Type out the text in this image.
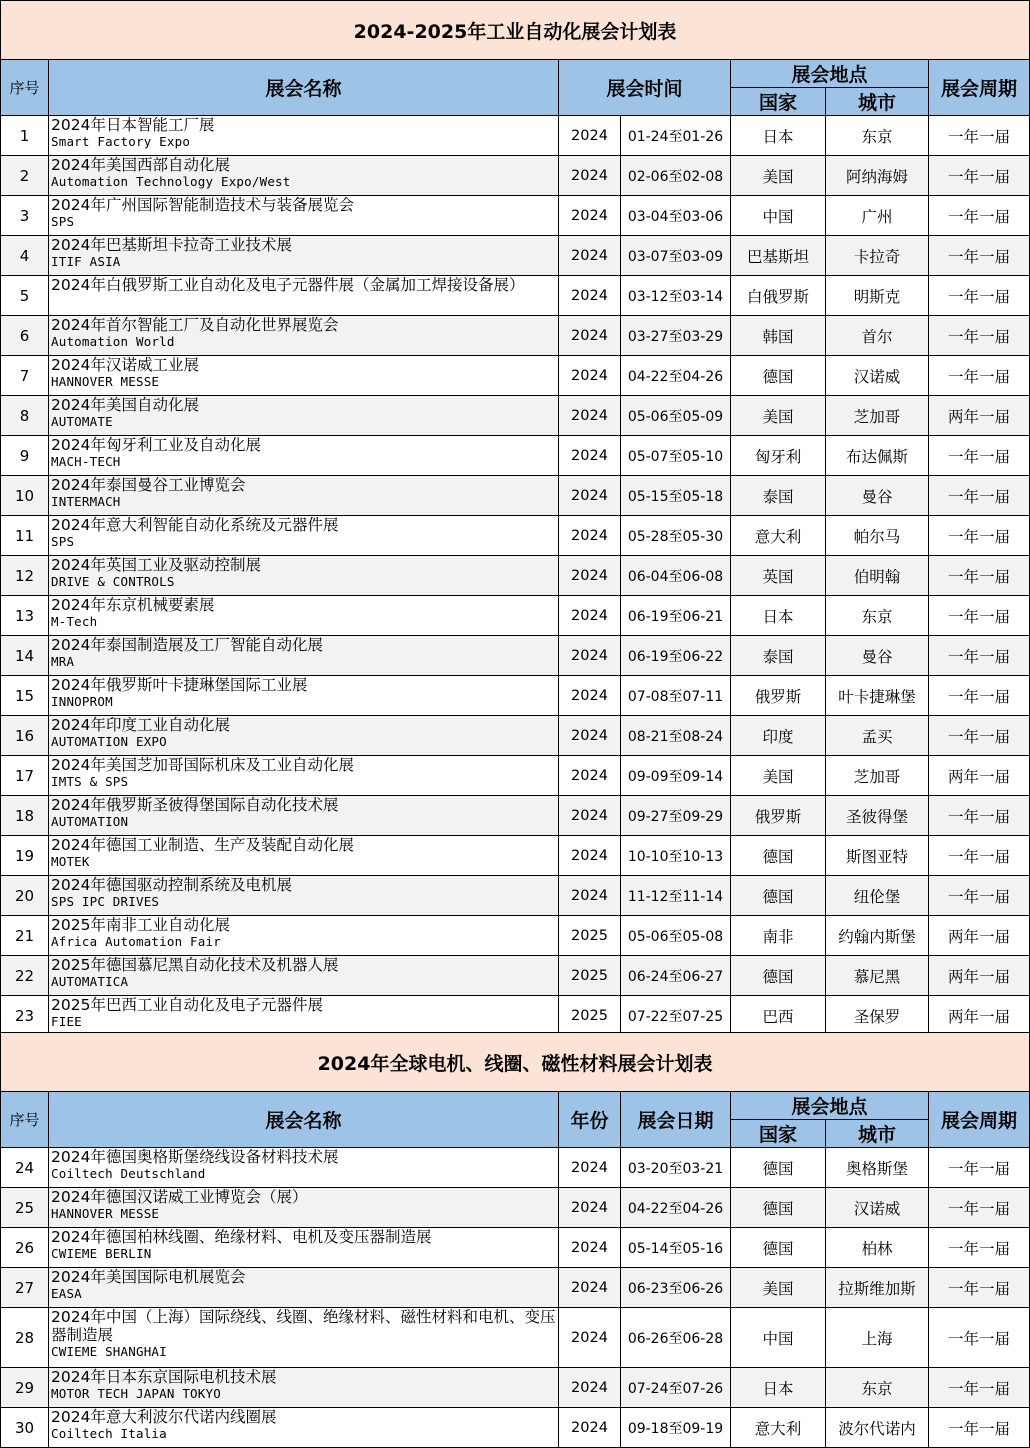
2024-2025年工业自动化展会计划表						
序号	展会名称	展会时间		展会地点		展会周期
				国家	城市	
1	2024年日本智能工厂展
Smart Factory Expo	2024	01-24至01-26	日本	东京	一年一届
2	2024年美国西部自动化展
Automation Technology Expo/West	2024	02-06至02-08	美国	阿纳海姆	一年一届
3	2024年广州国际智能制造技术与装备展览会
SPS	2024	03-04至03-06	中国	广州	一年一届
4	2024年巴基斯坦卡拉奇工业技术展
ITIF ASIA	2024	03-07至03-09	巴基斯坦	卡拉奇	一年一届
5	2024年白俄罗斯工业自动化及电子元器件展（金属加工焊接设备展）	2024	03-12至03-14	白俄罗斯	明斯克	一年一届
6	2024年首尔智能工厂及自动化世界展览会
Automation World	2024	03-27至03-29	韩国	首尔	一年一届
7	2024年汉诺威工业展
HANNOVER MESSE	2024	04-22至04-26	德国	汉诺威	一年一届
8	2024年美国自动化展
AUTOMATE	2024	05-06至05-09	美国	芝加哥	两年一届
9	2024年匈牙利工业及自动化展
MACH-TECH	2024	05-07至05-10	匈牙利	布达佩斯	一年一届
10	2024年泰国曼谷工业博览会
INTERMACH	2024	05-15至05-18	泰国	曼谷	一年一届
11	2024年意大利智能自动化系统及元器件展
SPS	2024	05-28至05-30	意大利	帕尔马	一年一届
12	2024年英国工业及驱动控制展
DRIVE & CONTROLS	2024	06-04至06-08	英国	伯明翰	一年一届
13	2024年东京机械要素展
M-Tech	2024	06-19至06-21	日本	东京	一年一届
14	2024年泰国制造展及工厂智能自动化展
MRA	2024	06-19至06-22	泰国	曼谷	一年一届
15	2024年俄罗斯叶卡捷琳堡国际工业展
INNOPROM	2024	07-08至07-11	俄罗斯	叶卡捷琳堡	一年一届
16	2024年印度工业自动化展
AUTOMATION EXPO	2024	08-21至08-24	印度	孟买	一年一届
17	2024年美国芝加哥国际机床及工业自动化展
IMTS & SPS	2024	09-09至09-14	美国	芝加哥	两年一届
18	2024年俄罗斯圣彼得堡国际自动化技术展
AUTOMATION	2024	09-27至09-29	俄罗斯	圣彼得堡	一年一届
19	2024年德国工业制造、生产及装配自动化展
MOTEK	2024	10-10至10-13	德国	斯图亚特	一年一届
20	2024年德国驱动控制系统及电机展
SPS IPC DRIVES	2024	11-12至11-14	德国	纽伦堡	一年一届
21	2025年南非工业自动化展
Africa Automation Fair	2025	05-06至05-08	南非	约翰内斯堡	两年一届
22	2025年德国慕尼黑自动化技术及机器人展
AUTOMATICA	2025	06-24至06-27	德国	慕尼黑	两年一届
23	2025年巴西工业自动化及电子元器件展
FIEE	2025	07-22至07-25	巴西	圣保罗	两年一届
2024年全球电机、线圈、磁性材料展会计划表						
序号	展会名称	年份	展会日期	展会地点		展会周期
				国家	城市	
24	2024年德国奥格斯堡绕线设备材料技术展
Coiltech Deutschland	2024	03-20至03-21	德国	奥格斯堡	一年一届
25	2024年德国汉诺威工业博览会（展）
HANNOVER MESSE	2024	04-22至04-26	德国	汉诺威	一年一届
26	2024年德国柏林线圈、绝缘材料、电机及变压器制造展
CWIEME BERLIN	2024	05-14至05-16	德国	柏林	一年一届
27	2024年美国国际电机展览会
EASA	2024	06-23至06-26	美国	拉斯维加斯	一年一届
28	2024年中国（上海）国际绕线、线圈、绝缘材料、磁性材料和电机、变压器制造展
CWIEME SHANGHAI	2024	06-26至06-28	中国	上海	一年一届
29	2024年日本东京国际电机技术展
MOTOR TECH JAPAN TOKYO	2024	07-24至07-26	日本	东京	一年一届
30	2024年意大利波尔代诺内线圈展
Coiltech Italia	2024	09-18至09-19	意大利	波尔代诺内	一年一届
